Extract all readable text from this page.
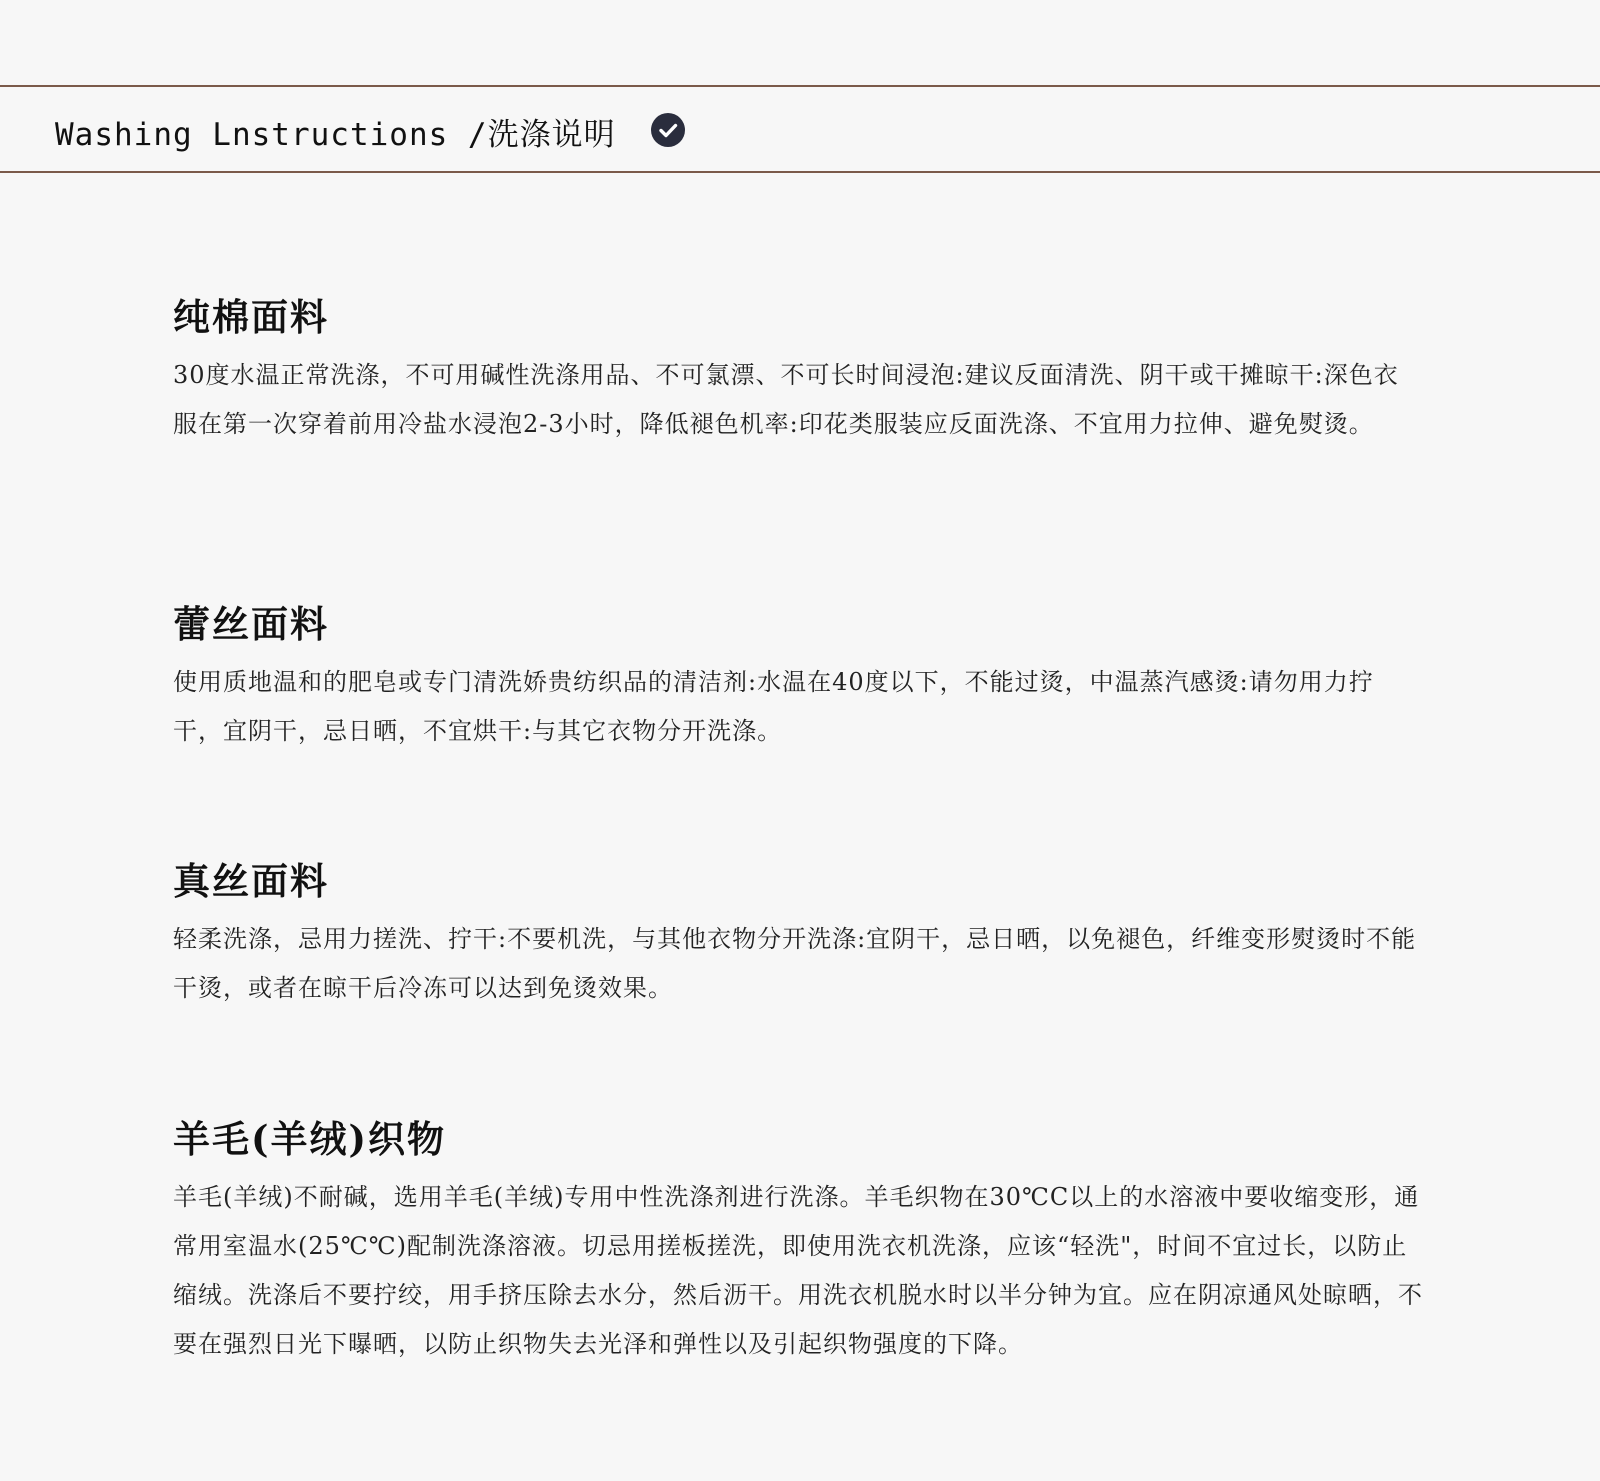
Washing Lnstructions /洗涤说明
纯棉面料

30度水温正常洗涤，不可用碱性洗涤用品、不可氯漂、不可长时间浸泡:建议反面清洗、阴干或干摊晾干:深色衣服在第一次穿着前用冷盐水浸泡2-3小时，降低褪色机率:印花类服装应反面洗涤、不宜用力拉伸、避免熨烫。

蕾丝面料

使用质地温和的肥皂或专门清洗娇贵纺织品的清洁剂:水温在40度以下，不能过烫，中温蒸汽感烫:请勿用力拧干，宜阴干，忌日晒，不宜烘干:与其它衣物分开洗涤。

真丝面料

轻柔洗涤，忌用力搓洗、拧干:不要机洗，与其他衣物分开洗涤:宜阴干，忌日晒，以免褪色，纤维变形熨烫时不能干烫，或者在晾干后冷冻可以达到免烫效果。

羊毛(羊绒)织物

羊毛(羊绒)不耐碱，选用羊毛(羊绒)专用中性洗涤剂进行洗涤。羊毛织物在30℃C以上的水溶液中要收缩变形，通常用室温水(25℃℃)配制洗涤溶液。切忌用搓板搓洗，即使用洗衣机洗涤，应该“轻洗"，时间不宜过长，以防止缩绒。洗涤后不要拧绞，用手挤压除去水分，然后沥干。用洗衣机脱水时以半分钟为宜。应在阴凉通风处晾晒，不要在强烈日光下曝晒，以防止织物失去光泽和弹性以及引起织物强度的下降。
